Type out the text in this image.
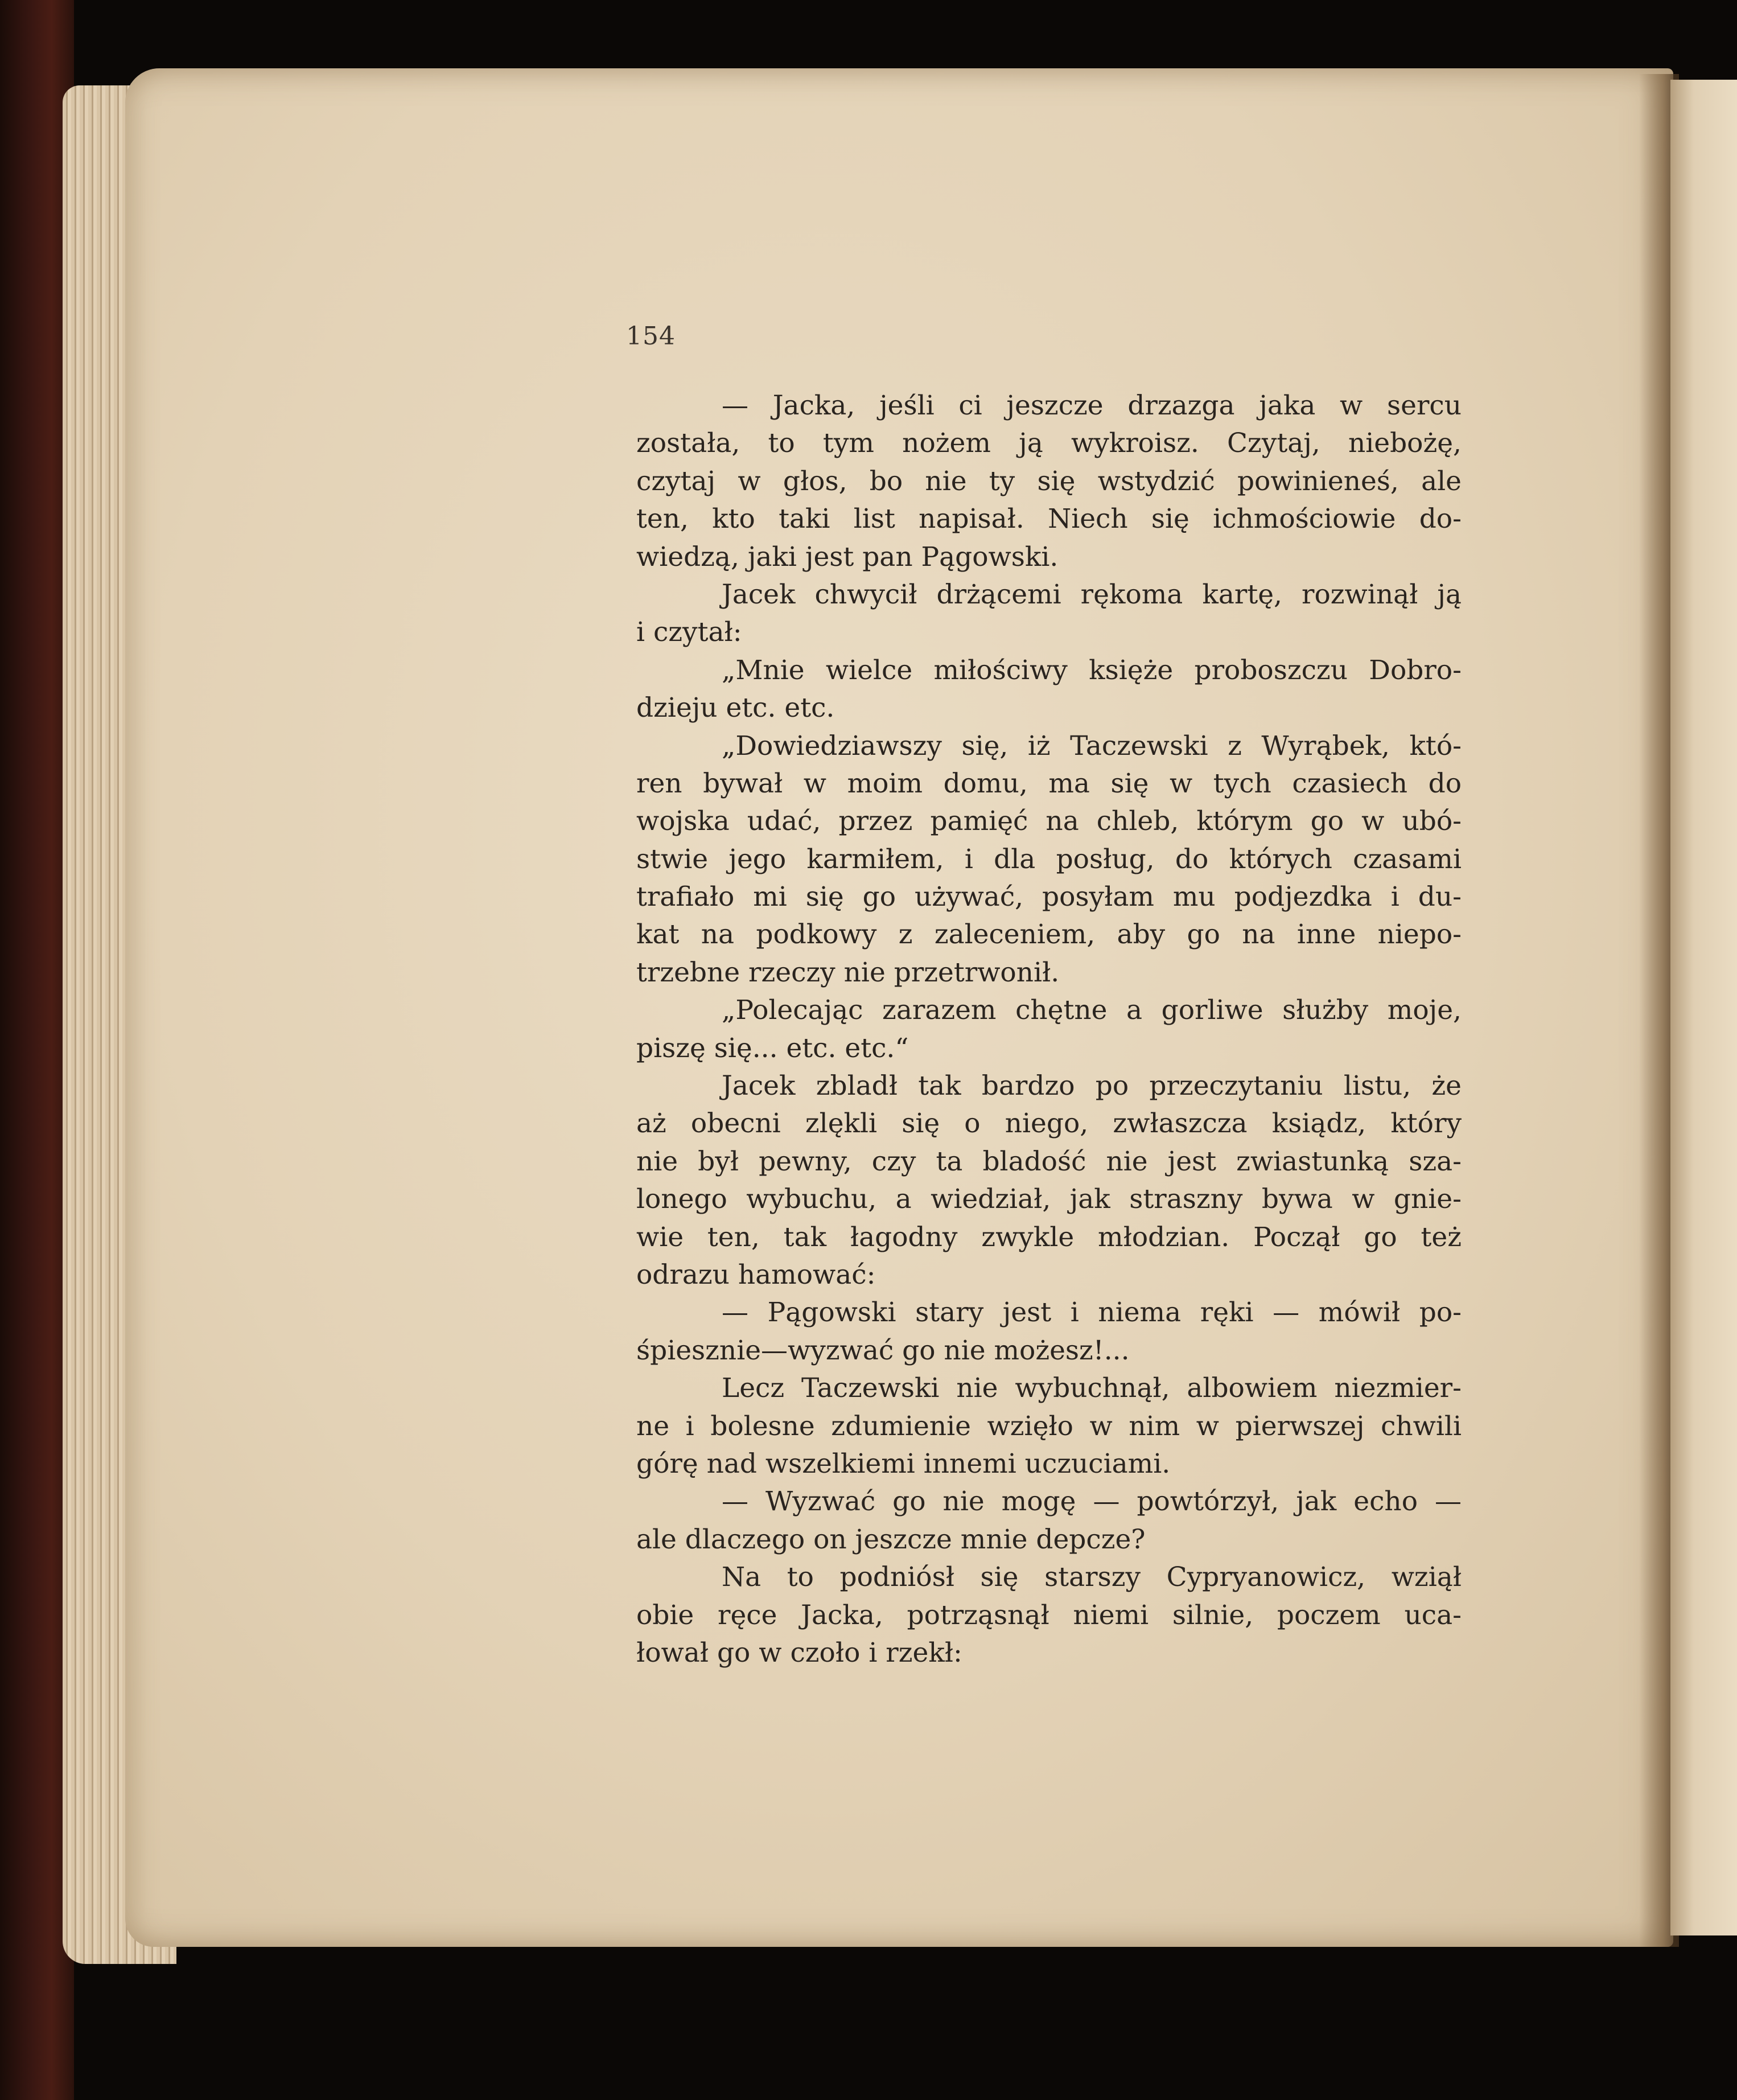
154
— Jacka, jeśli ci jeszcze drzazga jaka w sercu
została, to tym nożem ją wykroisz. Czytaj, niebożę,
czytaj w głos, bo nie ty się wstydzić powinieneś, ale
ten, kto taki list napisał. Niech się ichmościowie do-
wiedzą, jaki jest pan Pągowski.
Jacek chwycił drżącemi rękoma kartę, rozwinął ją
i czytał:
„Mnie wielce miłościwy księże proboszczu Dobro-
dzieju etc. etc.
„Dowiedziawszy się, iż Taczewski z Wyrąbek, któ-
ren bywał w moim domu, ma się w tych czasiech do
wojska udać, przez pamięć na chleb, którym go w ubó-
stwie jego karmiłem, i dla posług, do których czasami
trafiało mi się go używać, posyłam mu podjezdka i du-
kat na podkowy z zaleceniem, aby go na inne niepo-
trzebne rzeczy nie przetrwonił.
„Polecając zarazem chętne a gorliwe służby moje,
piszę się... etc. etc.“
Jacek zbladł tak bardzo po przeczytaniu listu, że
aż obecni zlękli się o niego, zwłaszcza ksiądz, który
nie był pewny, czy ta bladość nie jest zwiastunką sza-
lonego wybuchu, a wiedział, jak straszny bywa w gnie-
wie ten, tak łagodny zwykle młodzian. Począł go też
odrazu hamować:
— Pągowski stary jest i niema ręki — mówił po-
śpiesznie—wyzwać go nie możesz!...
Lecz Taczewski nie wybuchnął, albowiem niezmier-
ne i bolesne zdumienie wzięło w nim w pierwszej chwili
górę nad wszelkiemi innemi uczuciami.
— Wyzwać go nie mogę — powtórzył, jak echo —
ale dlaczego on jeszcze mnie depcze?
Na to podniósł się starszy Cypryanowicz, wziął
obie ręce Jacka, potrząsnął niemi silnie, poczem uca-
łował go w czoło i rzekł:
